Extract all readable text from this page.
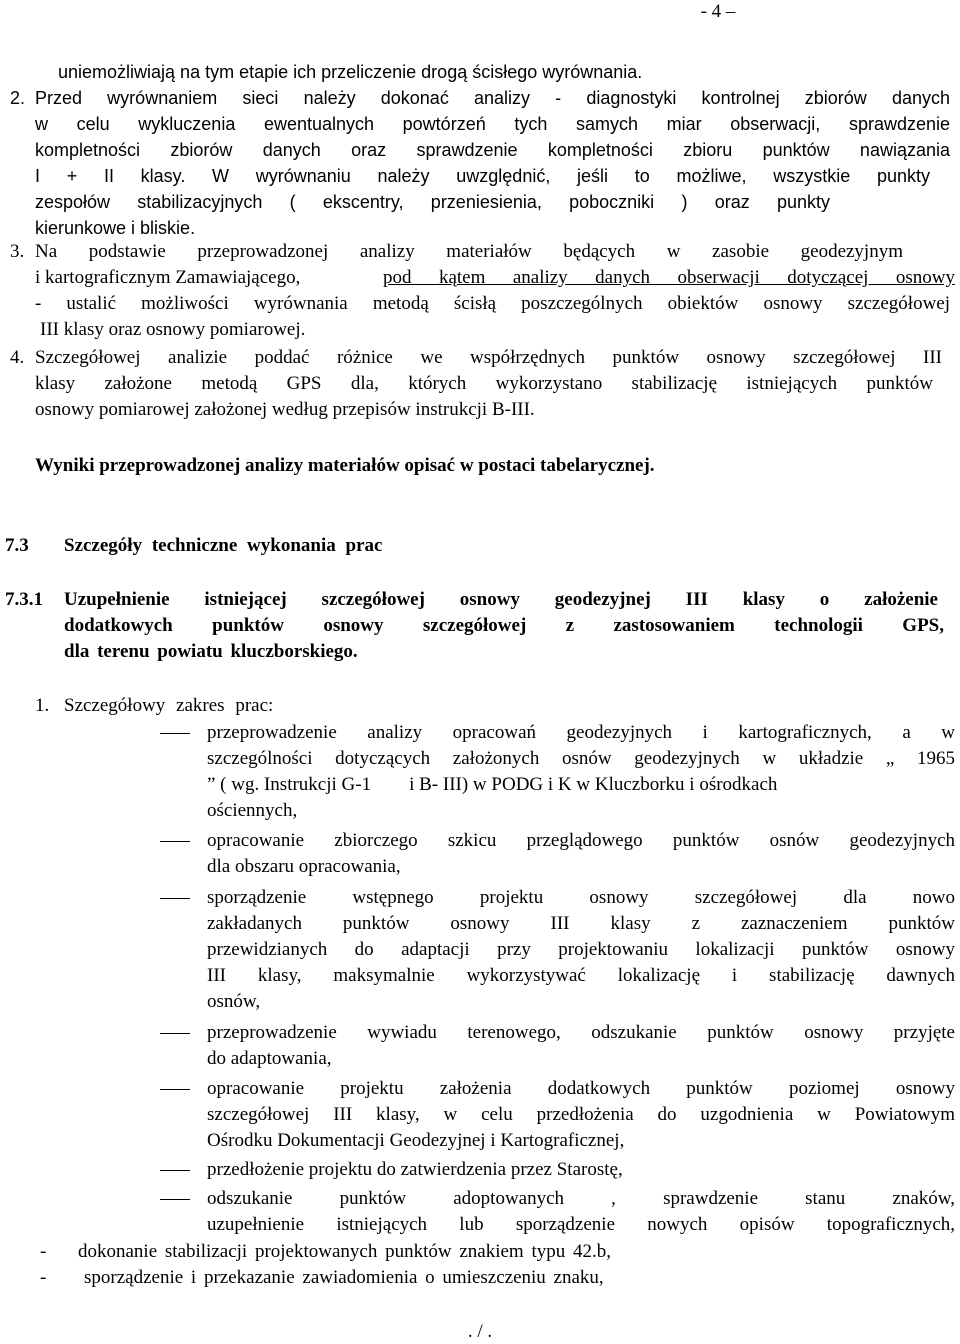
- 4 –
uniemożliwiają na tym etapie ich przeliczenie drogą ścisłego wyrównania.
2. Przed wyrównaniem sieci należy dokonać analizy - diagnostyki kontrolnej zbiorów danych
w celu wykluczenia ewentualnych powtórzeń tych samych miar obserwacji, sprawdzenie
kompletności zbiorów danych oraz sprawdzenie kompletności zbioru punktów nawiązania
I + II klasy. W wyrównaniu należy uwzględnić, jeśli to możliwe, wszystkie punkty
zespołów stabilizacyjnych ( ekscentry, przeniesienia, poboczniki ) oraz punkty
kierunkowe i bliskie.
3. Na podstawie przeprowadzonej analizy materiałów będących w zasobie geodezyjnym
i kartograficznym Zamawiającego,	pod kątem analizy danych obserwacji dotyczącej osnowy
- ustalić możliwości wyrównania metodą ścisłą poszczególnych obiektów osnowy szczegółowej
III klasy oraz osnowy pomiarowej.
4. Szczegółowej analizie poddać różnice we współrzędnych punktów osnowy szczegółowej III
klasy założone metodą GPS dla, których wykorzystano stabilizację istniejących punktów
osnowy pomiarowej założonej według przepisów instrukcji B-III.
Wyniki przeprowadzonej analizy materiałów opisać w postaci tabelarycznej.
7.3 Szczegóły techniczne wykonania prac
7.3.1 Uzupełnienie istniejącej szczegółowej osnowy geodezyjnej III klasy o założenie
dodatkowych punktów osnowy szczegółowej z zastosowaniem technologii GPS,
dla terenu powiatu kluczborskiego.
1. Szczegółowy zakres prac:
przeprowadzenie analizy opracowań geodezyjnych i kartograficznych, a w
szczególności dotyczących założonych osnów geodezyjnych w układzie „ 1965
” ( wg. Instrukcji G-1        i B- III) w PODG i K w Kluczborku i ośrodkach
ościennych,
opracowanie zbiorczego szkicu przeglądowego punktów osnów geodezyjnych
dla obszaru opracowania,
sporządzenie wstępnego projektu osnowy szczegółowej dla nowo
zakładanych punktów osnowy III klasy z zaznaczeniem punktów
przewidzianych do adaptacji przy projektowaniu lokalizacji punktów osnowy
III klasy, maksymalnie wykorzystywać lokalizację i stabilizację dawnych
osnów,
przeprowadzenie wywiadu terenowego, odszukanie punktów osnowy przyjęte
do adaptowania,
opracowanie projektu założenia dodatkowych punktów poziomej osnowy
szczegółowej III klasy, w celu przedłożenia do uzgodnienia w Powiatowym
Ośrodku Dokumentacji Geodezyjnej i Kartograficznej,
przedłożenie projektu do zatwierdzenia przez Starostę,
odszukanie punktów adoptowanych , sprawdzenie stanu znaków,
uzupełnienie istniejących lub sporządzenie nowych opisów topograficznych,
- dokonanie stabilizacji projektowanych punktów znakiem typu 42.b,
- sporządzenie i przekazanie zawiadomienia o umieszczeniu znaku,
. / .
